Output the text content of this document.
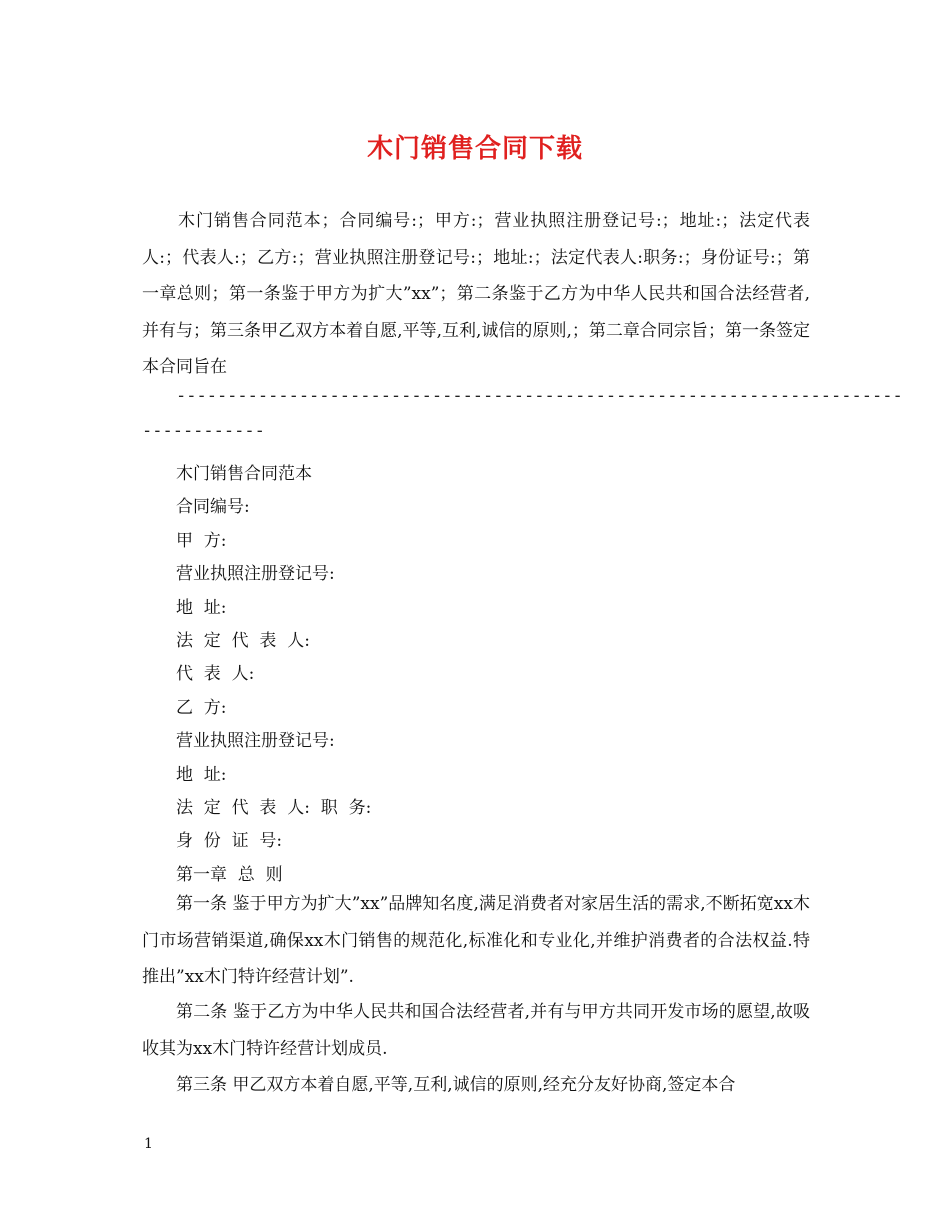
木门销售合同下载
木门销售合同范本；合同编号:；甲方:；营业执照注册登记号:；地址:；法定代表人:；代表人:；乙方:；营业执照注册登记号:；地址:；法定代表人:职务:；身份证号:；第一章总则；第一条鉴于甲方为扩大”xx”；第二条鉴于乙方为中华人民共和国合法经营者,并有与；第三条甲乙双方本着自愿,平等,互利,诚信的原则,；第二章合同宗旨；第一条签定本合同旨在
-----------------------------------------------------------------------
------------
木门销售合同范本
合同编号:
甲  方:
营业执照注册登记号:
地  址:
法  定  代  表  人:
代  表  人:
乙  方:
营业执照注册登记号:
地  址:
法  定  代  表  人:  职  务:
身  份  证  号:
第一章  总  则
第一条 鉴于甲方为扩大”xx”品牌知名度,满足消费者对家居生活的需求,不断拓宽xx木门市场营销渠道,确保xx木门销售的规范化,标准化和专业化,并维护消费者的合法权益.特推出”xx木门特许经营计划”.
第二条 鉴于乙方为中华人民共和国合法经营者,并有与甲方共同开发市场的愿望,故吸收其为xx木门特许经营计划成员.
第三条 甲乙双方本着自愿,平等,互利,诚信的原则,经充分友好协商,签定本合
1
